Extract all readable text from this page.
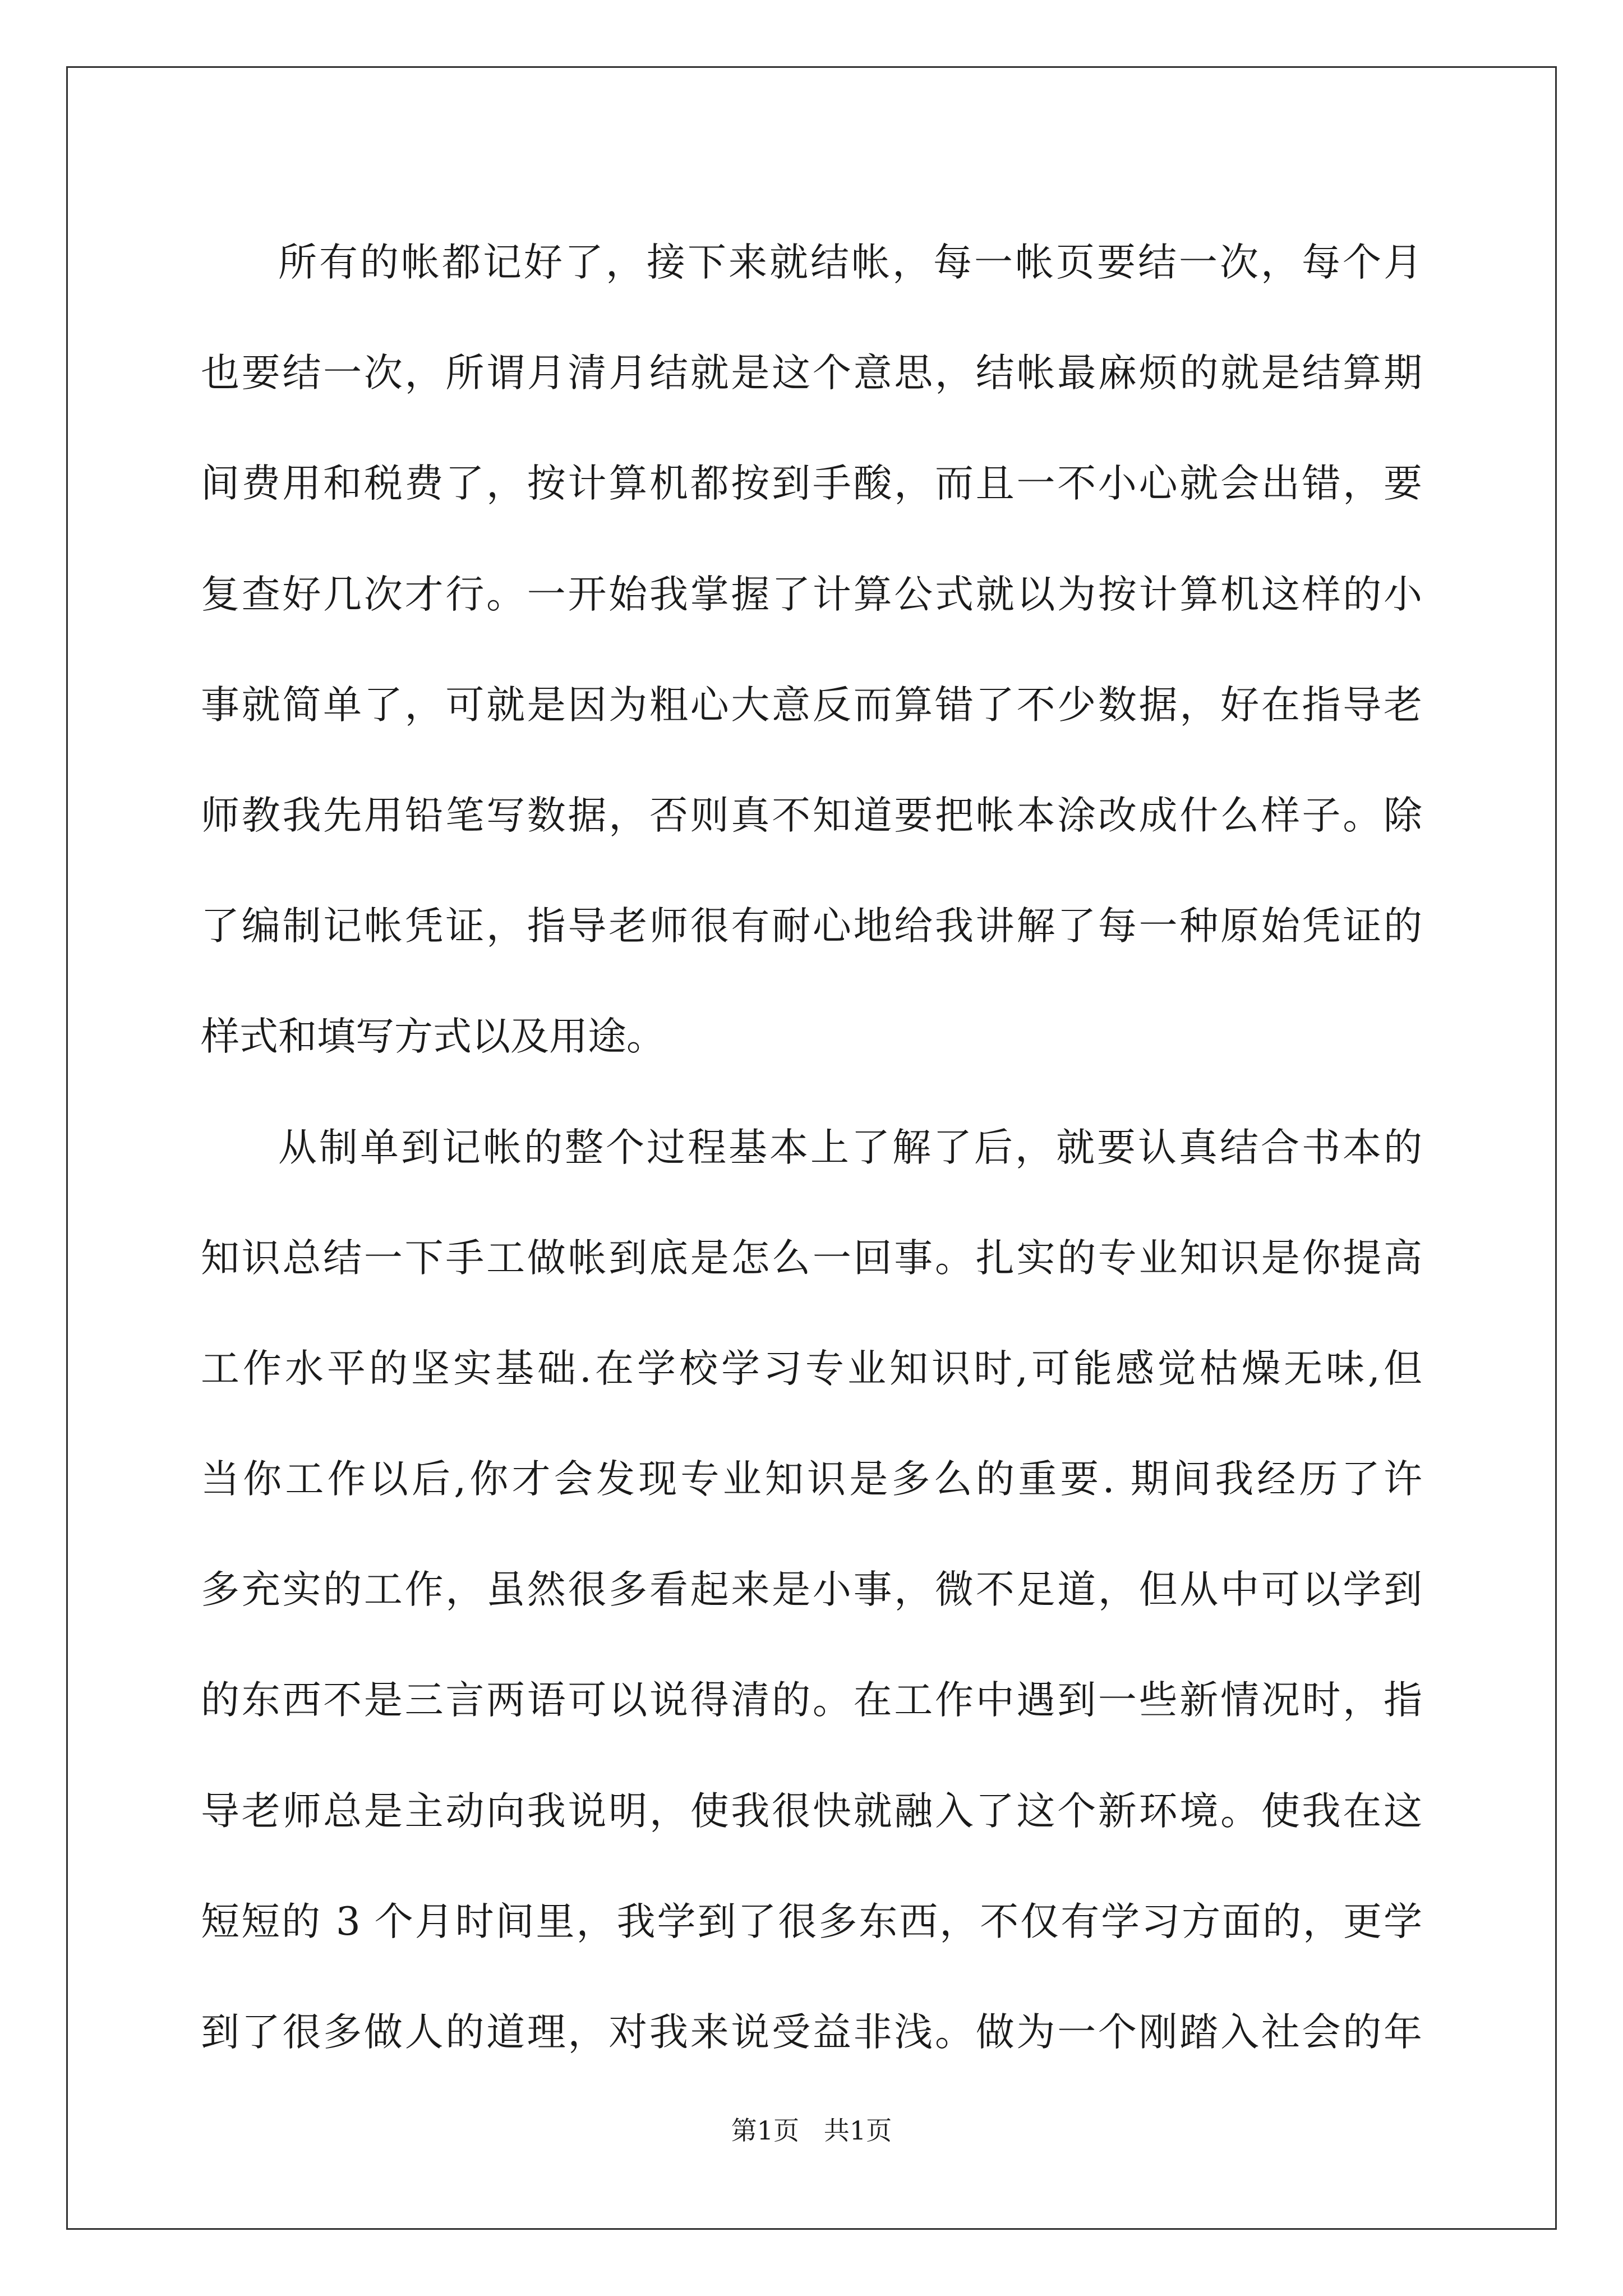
所有的帐都记好了，接下来就结帐，每一帐页要结一次，每个月
也要结一次，所谓月清月结就是这个意思，结帐最麻烦的就是结算期
间费用和税费了，按计算机都按到手酸，而且一不小心就会出错，要
复查好几次才行。一开始我掌握了计算公式就以为按计算机这样的小
事就简单了，可就是因为粗心大意反而算错了不少数据，好在指导老
师教我先用铅笔写数据，否则真不知道要把帐本涂改成什么样子。除
了编制记帐凭证，指导老师很有耐心地给我讲解了每一种原始凭证的
样式和填写方式以及用途。
从制单到记帐的整个过程基本上了解了后，就要认真结合书本的
知识总结一下手工做帐到底是怎么一回事。扎实的专业知识是你提高
工作水平的坚实基础.在学校学习专业知识时,可能感觉枯燥无味,但
当你工作以后,你才会发现专业知识是多么的重要. 期间我经历了许
多充实的工作，虽然很多看起来是小事，微不足道，但从中可以学到
的东西不是三言两语可以说得清的。在工作中遇到一些新情况时，指
导老师总是主动向我说明，使我很快就融入了这个新环境。使我在这
短短的 3 个月时间里，我学到了很多东西，不仅有学习方面的，更学
到了很多做人的道理，对我来说受益非浅。做为一个刚踏入社会的年
第1页   共1页
